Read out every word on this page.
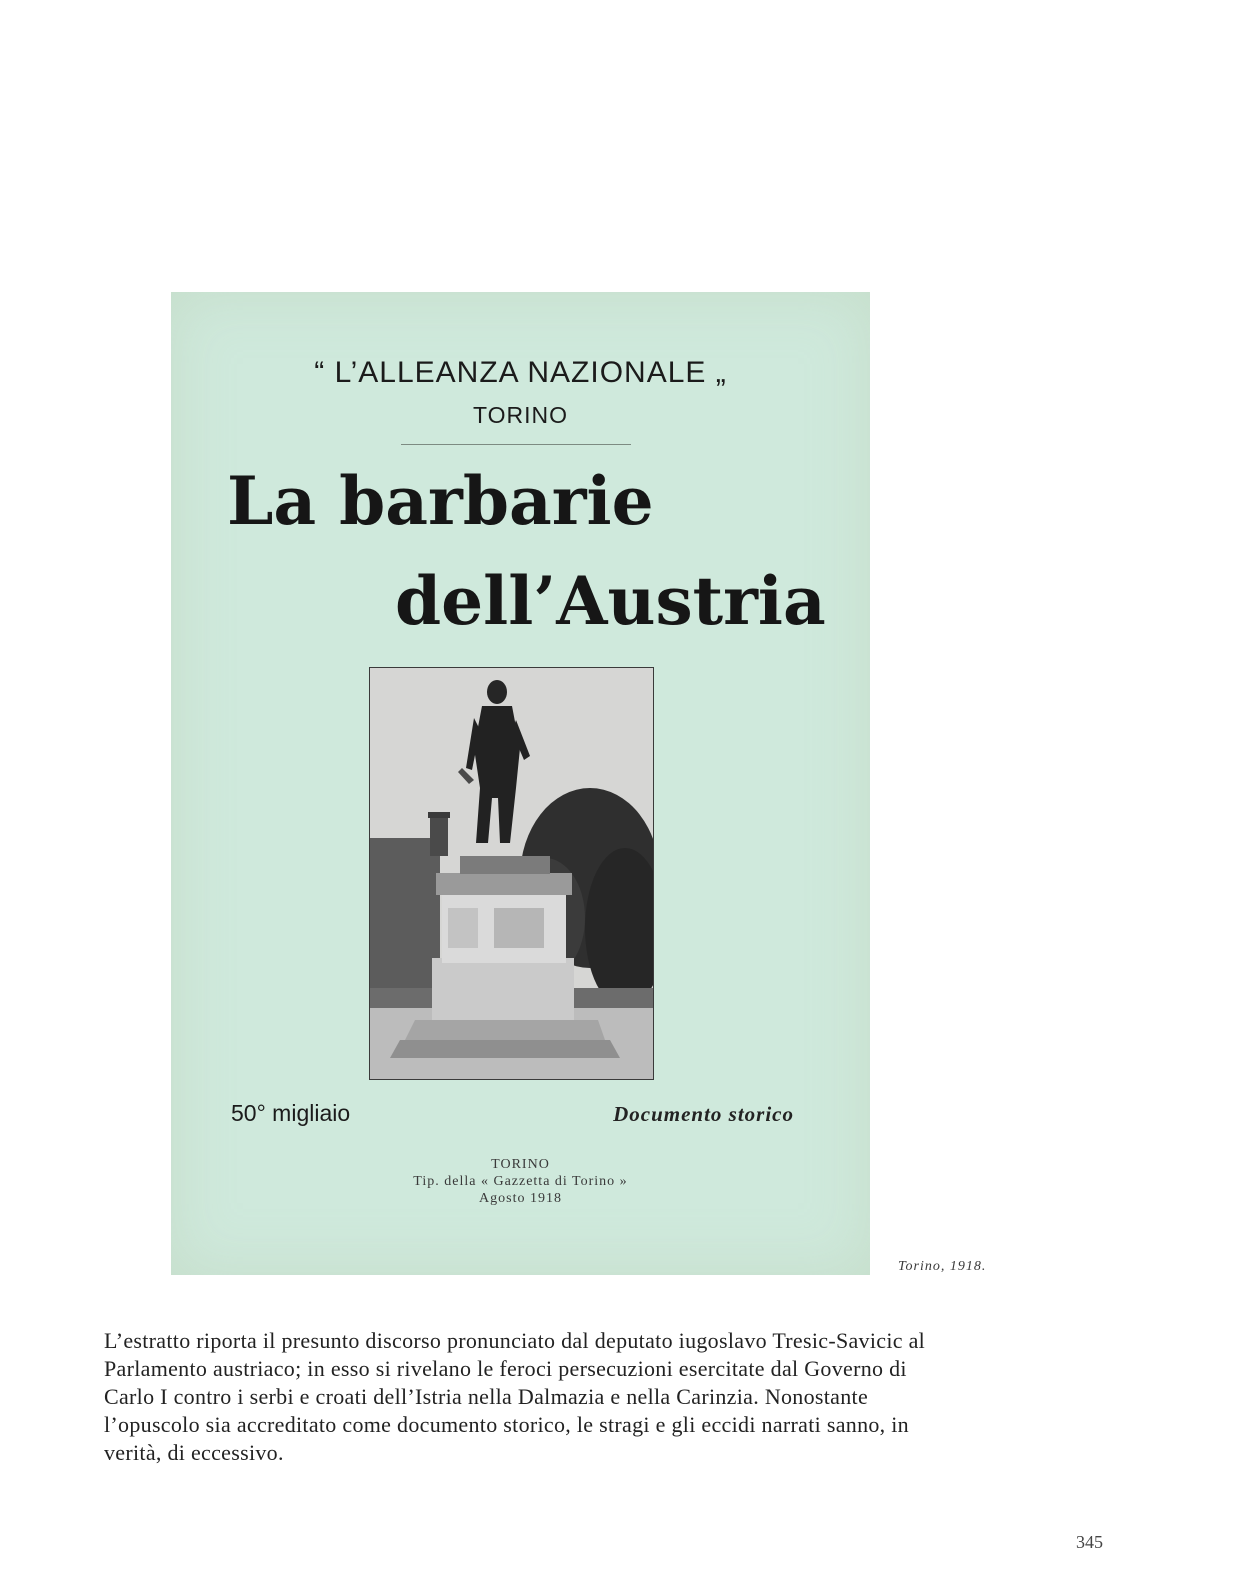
“ L’ALLEANZA NAZIONALE „
TORINO
La barbarie
dell’Austria
50° migliaio	Documento storico
TORINO
Tip. della « Gazzetta di Torino »
Agosto 1918
Torino, 1918.
L’estratto riporta il presunto discorso pronunciato dal deputato iugoslavo Tresic-Savicic al
Parlamento austriaco; in esso si rivelano le feroci persecuzioni esercitate dal Governo di
Carlo I contro i serbi e croati dell’Istria nella Dalmazia e nella Carinzia. Nonostante
l’opuscolo sia accreditato come documento storico, le stragi e gli eccidi narrati sanno, in
verità, di eccessivo.
345
